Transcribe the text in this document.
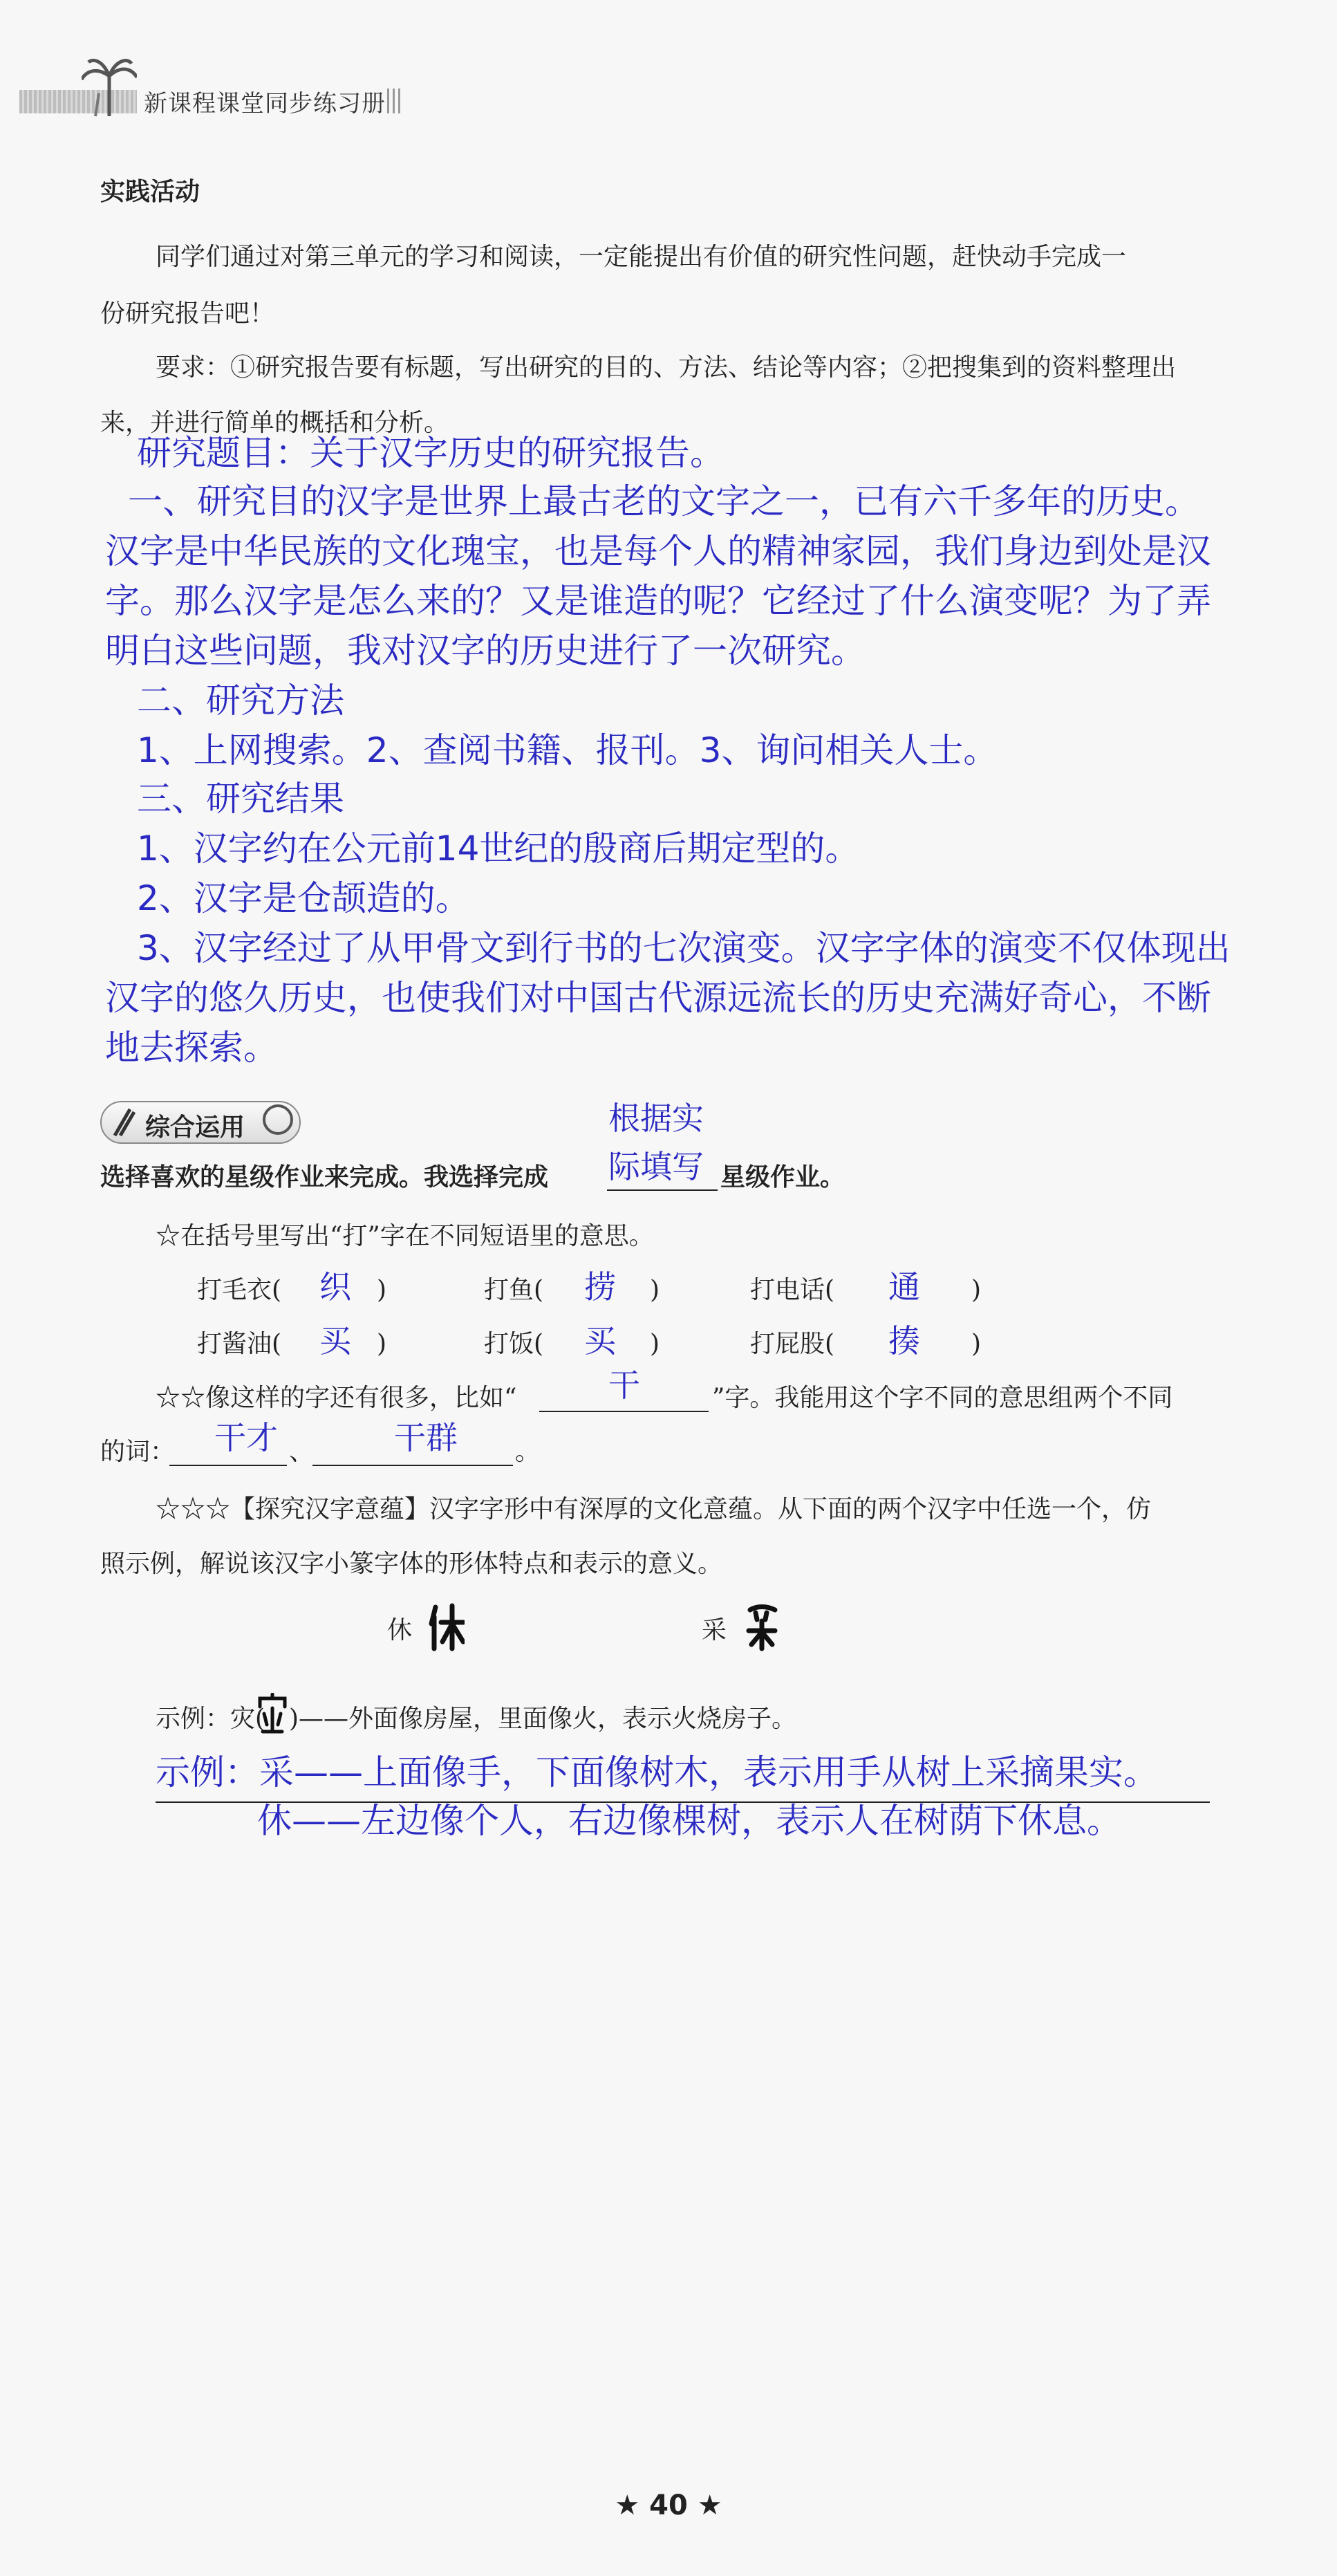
新课程课堂同步练习册
实践活动
同学们通过对第三单元的学习和阅读，一定能提出有价值的研究性问题，赶快动手完成一
份研究报告吧！
要求：①研究报告要有标题，写出研究的目的、方法、结论等内容；②把搜集到的资料整理出
来，并进行简单的概括和分析。
研究题目：关于汉字历史的研究报告。
一、研究目的汉字是世界上最古老的文字之一，已有六千多年的历史。
汉字是中华民族的文化瑰宝，也是每个人的精神家园，我们身边到处是汉
字。那么汉字是怎么来的？又是谁造的呢？它经过了什么演变呢？为了弄
明白这些问题，我对汉字的历史进行了一次研究。
二、研究方法
1、上网搜索。2、查阅书籍、报刊。3、询问相关人士。
三、研究结果
1、汉字约在公元前14世纪的殷商后期定型的。
2、汉字是仓颉造的。
3、汉字经过了从甲骨文到行书的七次演变。汉字字体的演变不仅体现出
汉字的悠久历史，也使我们对中国古代源远流长的历史充满好奇心，不断
地去探索。
综合运用	根据实
选择喜欢的星级作业来完成。我选择完成 际填写 星级作业。
☆在括号里写出“打”字在不同短语里的意思。
打毛衣( 织 )	打鱼( 捞 )	打电话( 通 )
打酱油( 买 )	打饭( 买 )	打屁股( 揍 )
☆☆像这样的字还有很多，比如“	干	”字。我能用这个字不同的意思组两个不同
的词： 干才 、	干群 。
☆☆☆【探究汉字意蕴】汉字字形中有深厚的文化意蕴。从下面的两个汉字中任选一个，仿
照示例，解说该汉字小篆字体的形体特点和表示的意义。
休	采
示例：灾( )——外面像房屋，里面像火，表示火烧房子。
示例：采——上面像手，下面像树木，表示用手从树上采摘果实。
休——左边像个人，右边像棵树，表示人在树荫下休息。
★ 40 ★
